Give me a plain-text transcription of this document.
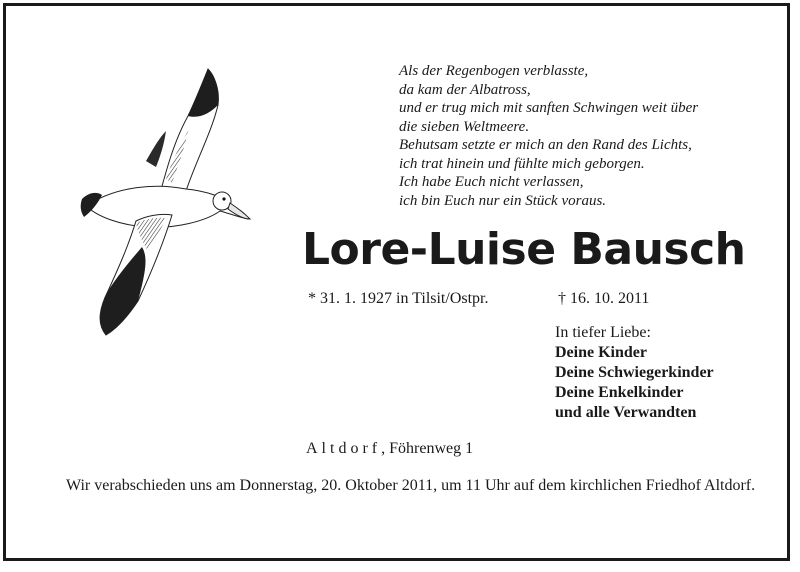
Als der Regenbogen verblasste,
da kam der Albatross,
und er trug mich mit sanften Schwingen weit über
die sieben Weltmeere.
Behutsam setzte er mich an den Rand des Lichts,
ich trat hinein und fühlte mich geborgen.
Ich habe Euch nicht verlassen,
ich bin Euch nur ein Stück voraus.
Lore-Luise Bausch
* 31. 1. 1927 in Tilsit/Ostpr.	† 16. 10. 2011
In tiefer Liebe:
Deine Kinder
Deine Schwiegerkinder
Deine Enkelkinder
und alle Verwandten
Altdorf, Föhrenweg 1
Wir verabschieden uns am Donnerstag, 20. Oktober 2011, um 11 Uhr auf dem kirchlichen Friedhof Altdorf.
